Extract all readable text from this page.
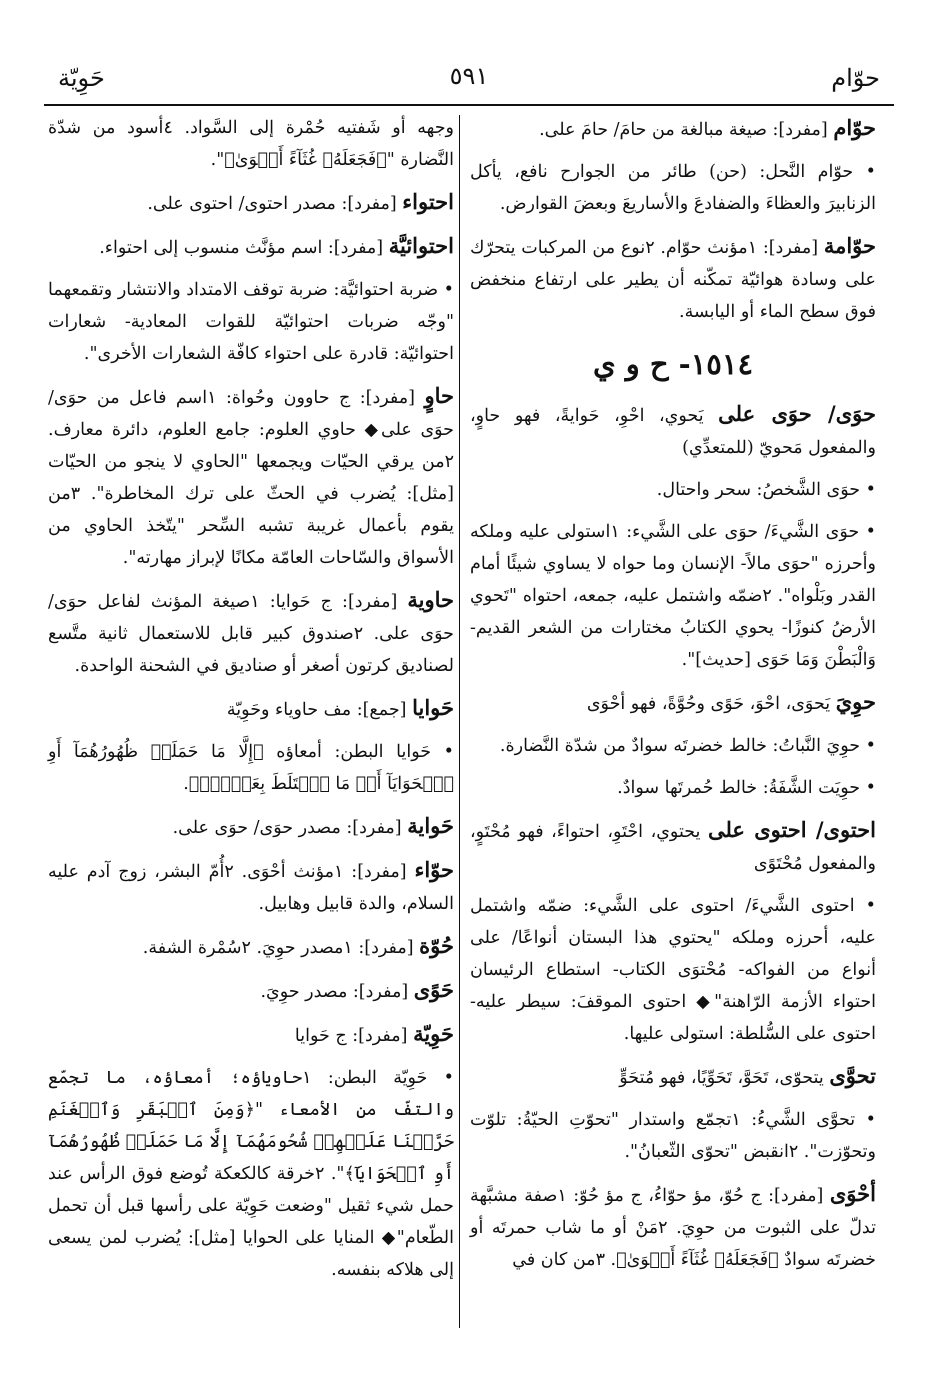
حَوِيّة	٥٩١	حوّام

حوّام [مفرد]: صيغة مبالغة من حامَ/ حامَ على.

• حوّام النَّحل: (حن) طائر من الجوارح نافع، يأكل الزنابيرَ والعظاءَ والضفادعَ والأساريعَ وبعضَ القوارض.

حوّامة [مفرد]: ١مؤنث حوّام. ٢نوع من المركبات يتحرّك على وسادة هوائيّة تمكّنه أن يطير على ارتفاع منخفض فوق سطح الماء أو اليابسة.

١٥١٤- ح و ي

حوَى/ حوَى على يَحوي، احْوِ، حَوايةً، فهو حاوٍ، والمفعول مَحويّ (للمتعدِّي)

• حوَى الشَّخصُ: سحر واحتال.

• حوَى الشَّيءَ/ حوَى على الشَّيء: ١استولى عليه وملكه وأحرزه "حوَى مالاً- الإنسان وما حواه لا يساوي شيئًا أمام القدر وبَلْواه". ٢ضمّه واشتمل عليه، جمعه، احتواه "تَحوي الأرضُ كنوزًا- يحوي الكتابُ مختارات من الشعر القديم- وَالْبَطْنَ وَمَا حَوَى [حديث]".

حوِيَ يَحوَى، احْوَ، حَوًى وحُوَّةً، فهو أحْوَى

• حوِيَ النَّباتُ: خالط خضرتَه سوادٌ من شدّة النَّضارة.

• حوِيَت الشَّفَةُ: خالط حُمرتَها سوادٌ.

احتوى/ احتوى على يحتوي، احْتَوِ، احتواءً، فهو مُحْتَوٍ، والمفعول مُحْتَوًى

• احتوى الشَّيءَ/ احتوى على الشَّيء: ضمّه واشتمل عليه، أحرزه وملكه "يحتوي هذا البستان أنواعًا/ على أنواع من الفواكه- مُحْتوَى الكتاب- استطاع الرئيسان احتواء الأزمة الرّاهنة"◆ احتوى الموقفَ: سيطر عليه- احتوى على السُّلطة: استولى عليها.

تحوَّى يتحوّى، تَحَوَّ، تَحَوِّيًا، فهو مُتحَوٍّ

• تحوَّى الشَّيءُ: ١تجمّع واستدار "تحوّتِ الحيّةُ: تلوّت وتحوّزت". ٢انقبض "تحوّى الثّعبانُ".

أحْوَى [مفرد]: ج حُوّ، مؤ حوّاءُ، ج مؤ حُوّ: ١صفة مشبَّهة تدلّ على الثبوت من حوِيَ. ٢مَنْ أو ما شاب حمرتَه أو خضرتَه سوادٌ ﴿فَجَعَلَهُۥ غُثَآءً أَحۡوَىٰ﴾. ٣من كان في

وجهه أو شَفتيه حُمْرة إلى السَّواد. ٤أسود من شدّة النَّضارة "﴿فَجَعَلَهُۥ غُثَآءً أَحۡوَىٰ﴾".

احتواء [مفرد]: مصدر احتوى/ احتوى على.

احتوائيَّة [مفرد]: اسم مؤنَّث منسوب إلى احتواء.

• ضربة احتوائيَّة: ضربة توقف الامتداد والانتشار وتقمعهما "وجّه ضربات احتوائيّة للقوات المعادية- شعارات احتوائيّة: قادرة على احتواء كافّة الشعارات الأخرى".

حاوٍ [مفرد]: ج حاوون وحُواة: ١اسم فاعل من حوَى/ حوَى على◆ حاوي العلوم: جامع العلوم، دائرة معارف. ٢من يرقي الحيّات ويجمعها "الحاوي لا ينجو من الحيّات [مثل]: يُضرب في الحثّ على ترك المخاطرة". ٣من يقوم بأعمال غريبة تشبه السِّحر "يتّخذ الحاوي من الأسواق والسّاحات العامّة مكانًا لإبراز مهارته".

حاوية [مفرد]: ج حَوايا: ١صيغة المؤنث لفاعل حوَى/ حوَى على. ٢صندوق كبير قابل للاستعمال ثانية متَّسع لصناديق كرتون أصغر أو صناديق في الشحنة الواحدة.

حَوايا [جمع]: مف حاوياء وحَوِيّة

• حَوايا البطن: أمعاؤه ﴿إِلَّا مَا حَمَلَتۡ ظُهُورُهُمَآ أَوِ ٱلۡحَوَايَآ أَوۡ مَا ٱخۡتَلَطَ بِعَظۡمٍۚ﴾.

حَواية [مفرد]: مصدر حوَى/ حوَى على.

حوّاء [مفرد]: ١مؤنث أحْوَى. ٢أُمّ البشر، زوج آدم عليه السلام، والدة قابيل وهابيل.

حُوّة [مفرد]: ١مصدر حوِيَ. ٢سُمْرة الشفة.

حَوًى [مفرد]: مصدر حوِيَ.

حَوِيّة [مفرد]: ج حَوايا

• حَوِيّة البطن: ١حاوياؤه؛ أمعاؤه، ما تجمّع والتفّ من الأمعاء "﴿وَمِنَ ٱلۡبَقَرِ وَٱلۡغَنَمِ حَرَّمۡنَا عَلَيۡهِمۡ شُحُومَهُمَآ إِلَّا مَا حَمَلَتۡ ظُهُورُهُمَآ أَوِ ٱلۡحَوَايَآ﴾". ٢خرقة كالكعكة تُوضع فوق الرأس عند حمل شيء ثقيل "وضعت حَوِيّة على رأسها قبل أن تحمل الطّعام"◆ المنايا على الحوايا [مثل]: يُضرب لمن يسعى إلى هلاكه بنفسه.
